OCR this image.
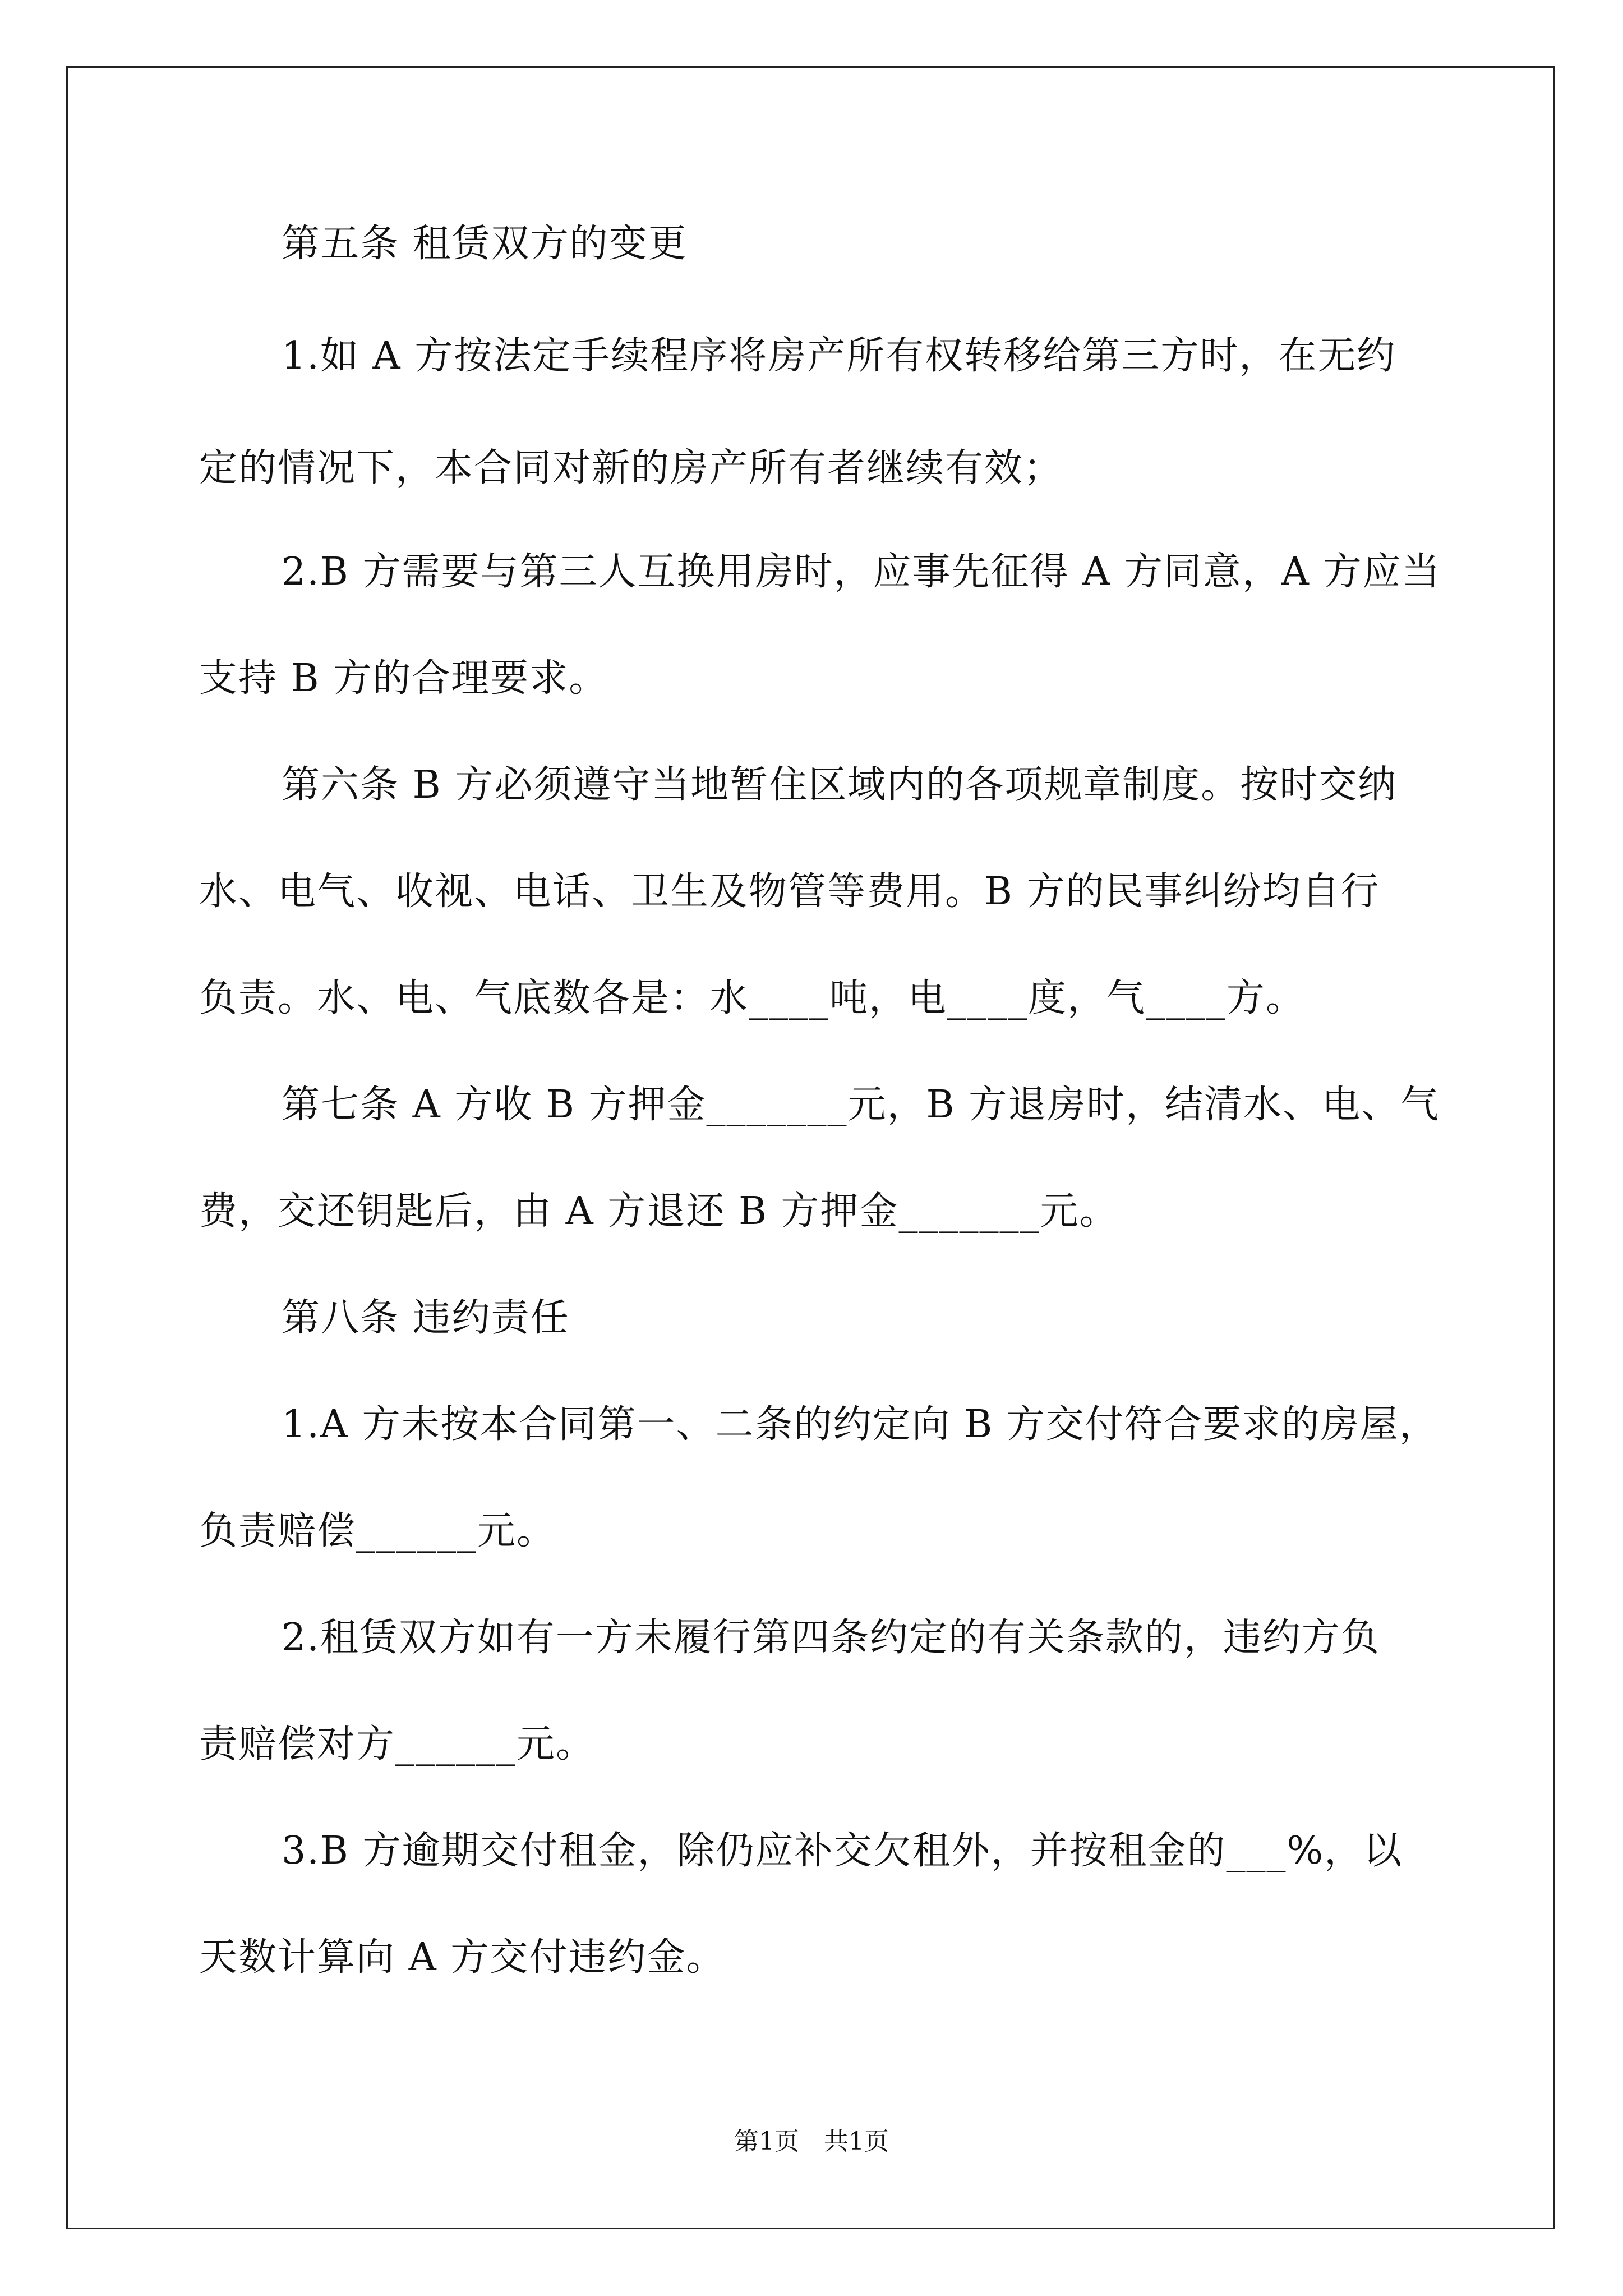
第五条 租赁双方的变更
1.如 A 方按法定手续程序将房产所有权转移给第三方时，在无约
定的情况下，本合同对新的房产所有者继续有效；
2.B 方需要与第三人互换用房时，应事先征得 A 方同意，A 方应当
支持 B 方的合理要求。
第六条 B 方必须遵守当地暂住区域内的各项规章制度。按时交纳
水、电气、收视、电话、卫生及物管等费用。B 方的民事纠纷均自行
负责。水、电、气底数各是：水____吨，电____度，气____方。
第七条 A 方收 B 方押金_______元，B 方退房时，结清水、电、气
费，交还钥匙后，由 A 方退还 B 方押金_______元。
第八条 违约责任
1.A 方未按本合同第一、二条的约定向 B 方交付符合要求的房屋，
负责赔偿______元。
2.租赁双方如有一方未履行第四条约定的有关条款的，违约方负
责赔偿对方______元。
3.B 方逾期交付租金，除仍应补交欠租外，并按租金的___%，以
天数计算向 A 方交付违约金。
第1页　共1页
